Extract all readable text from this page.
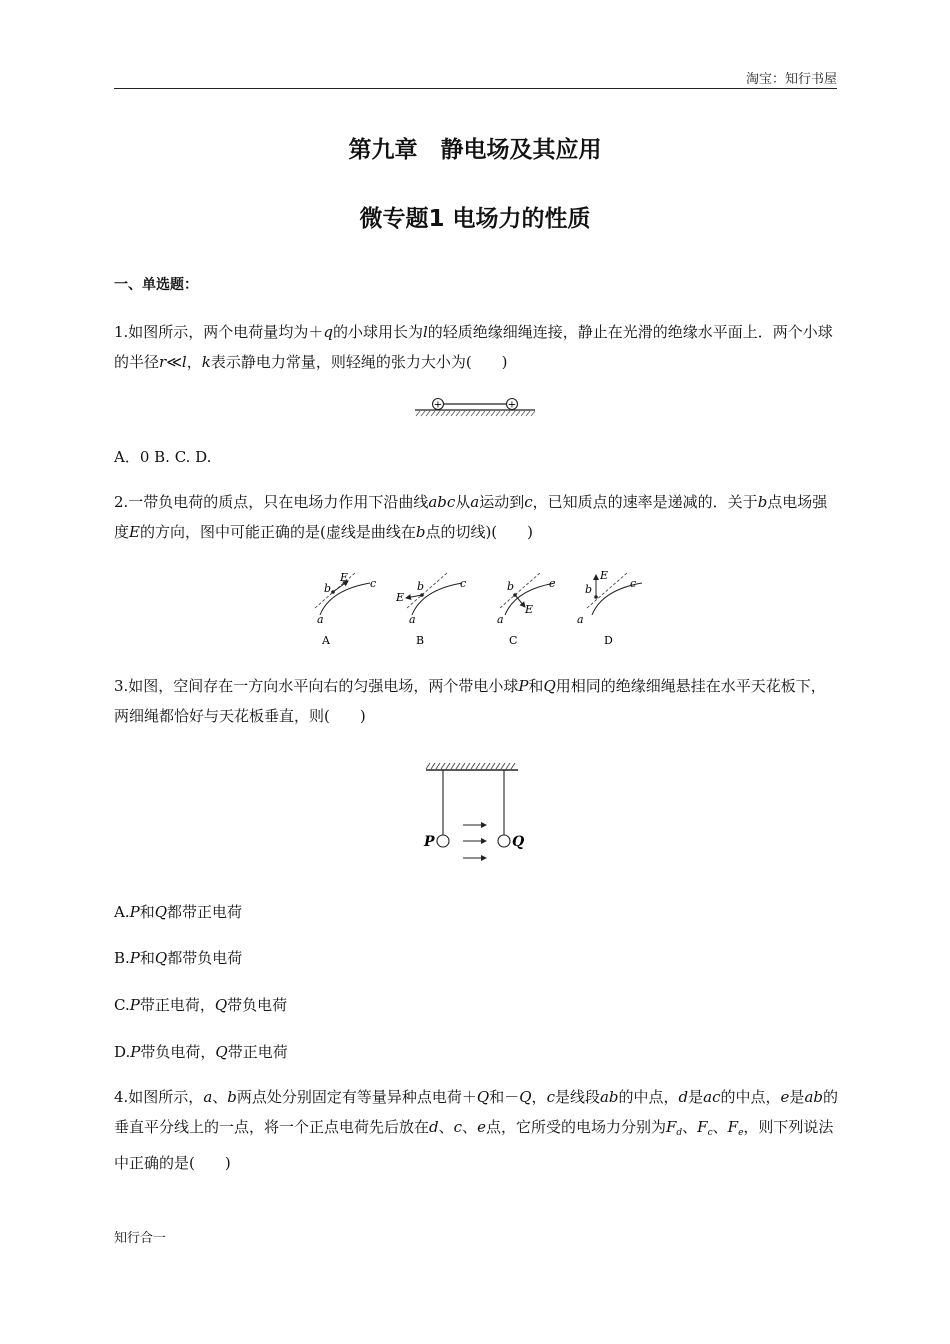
淘宝：知行书屋
第九章　静电场及其应用
微专题1 电场力的性质
一、单选题：
1.如图所示，两个电荷量均为＋q的小球用长为l的轻质绝缘细绳连接，静止在光滑的绝缘水平面上．两个小球的半径r≪l，k表示静电力常量，则轻绳的张力大小为(　　)
+	+
A．0 B. C. D.
2.一带负电荷的质点，只在电场力作用下沿曲线abc从a运动到c，已知质点的速率是递减的．关于b点电场强度E的方向，图中可能正确的是(虚线是曲线在b点的切线)(　　)
E
b	c
a
A
E
b	c
a
B
E
b	c
a
C
E
b	c
a
D
3.如图，空间存在一方向水平向右的匀强电场，两个带电小球P和Q用相同的绝缘细绳悬挂在水平天花板下，两细绳都恰好与天花板垂直，则(　　)
P	Q
A.P和Q都带正电荷
B.P和Q都带负电荷
C.P带正电荷，Q带负电荷
D.P带负电荷，Q带正电荷
4.如图所示，a、b两点处分别固定有等量异种点电荷＋Q和－Q，c是线段ab的中点，d是ac的中点，e是ab的垂直平分线上的一点，将一个正点电荷先后放在d、c、e点，它所受的电场力分别为$F_d$、$F_c$、$F_e$，则下列说法中正确的是(　　)
知行合一
